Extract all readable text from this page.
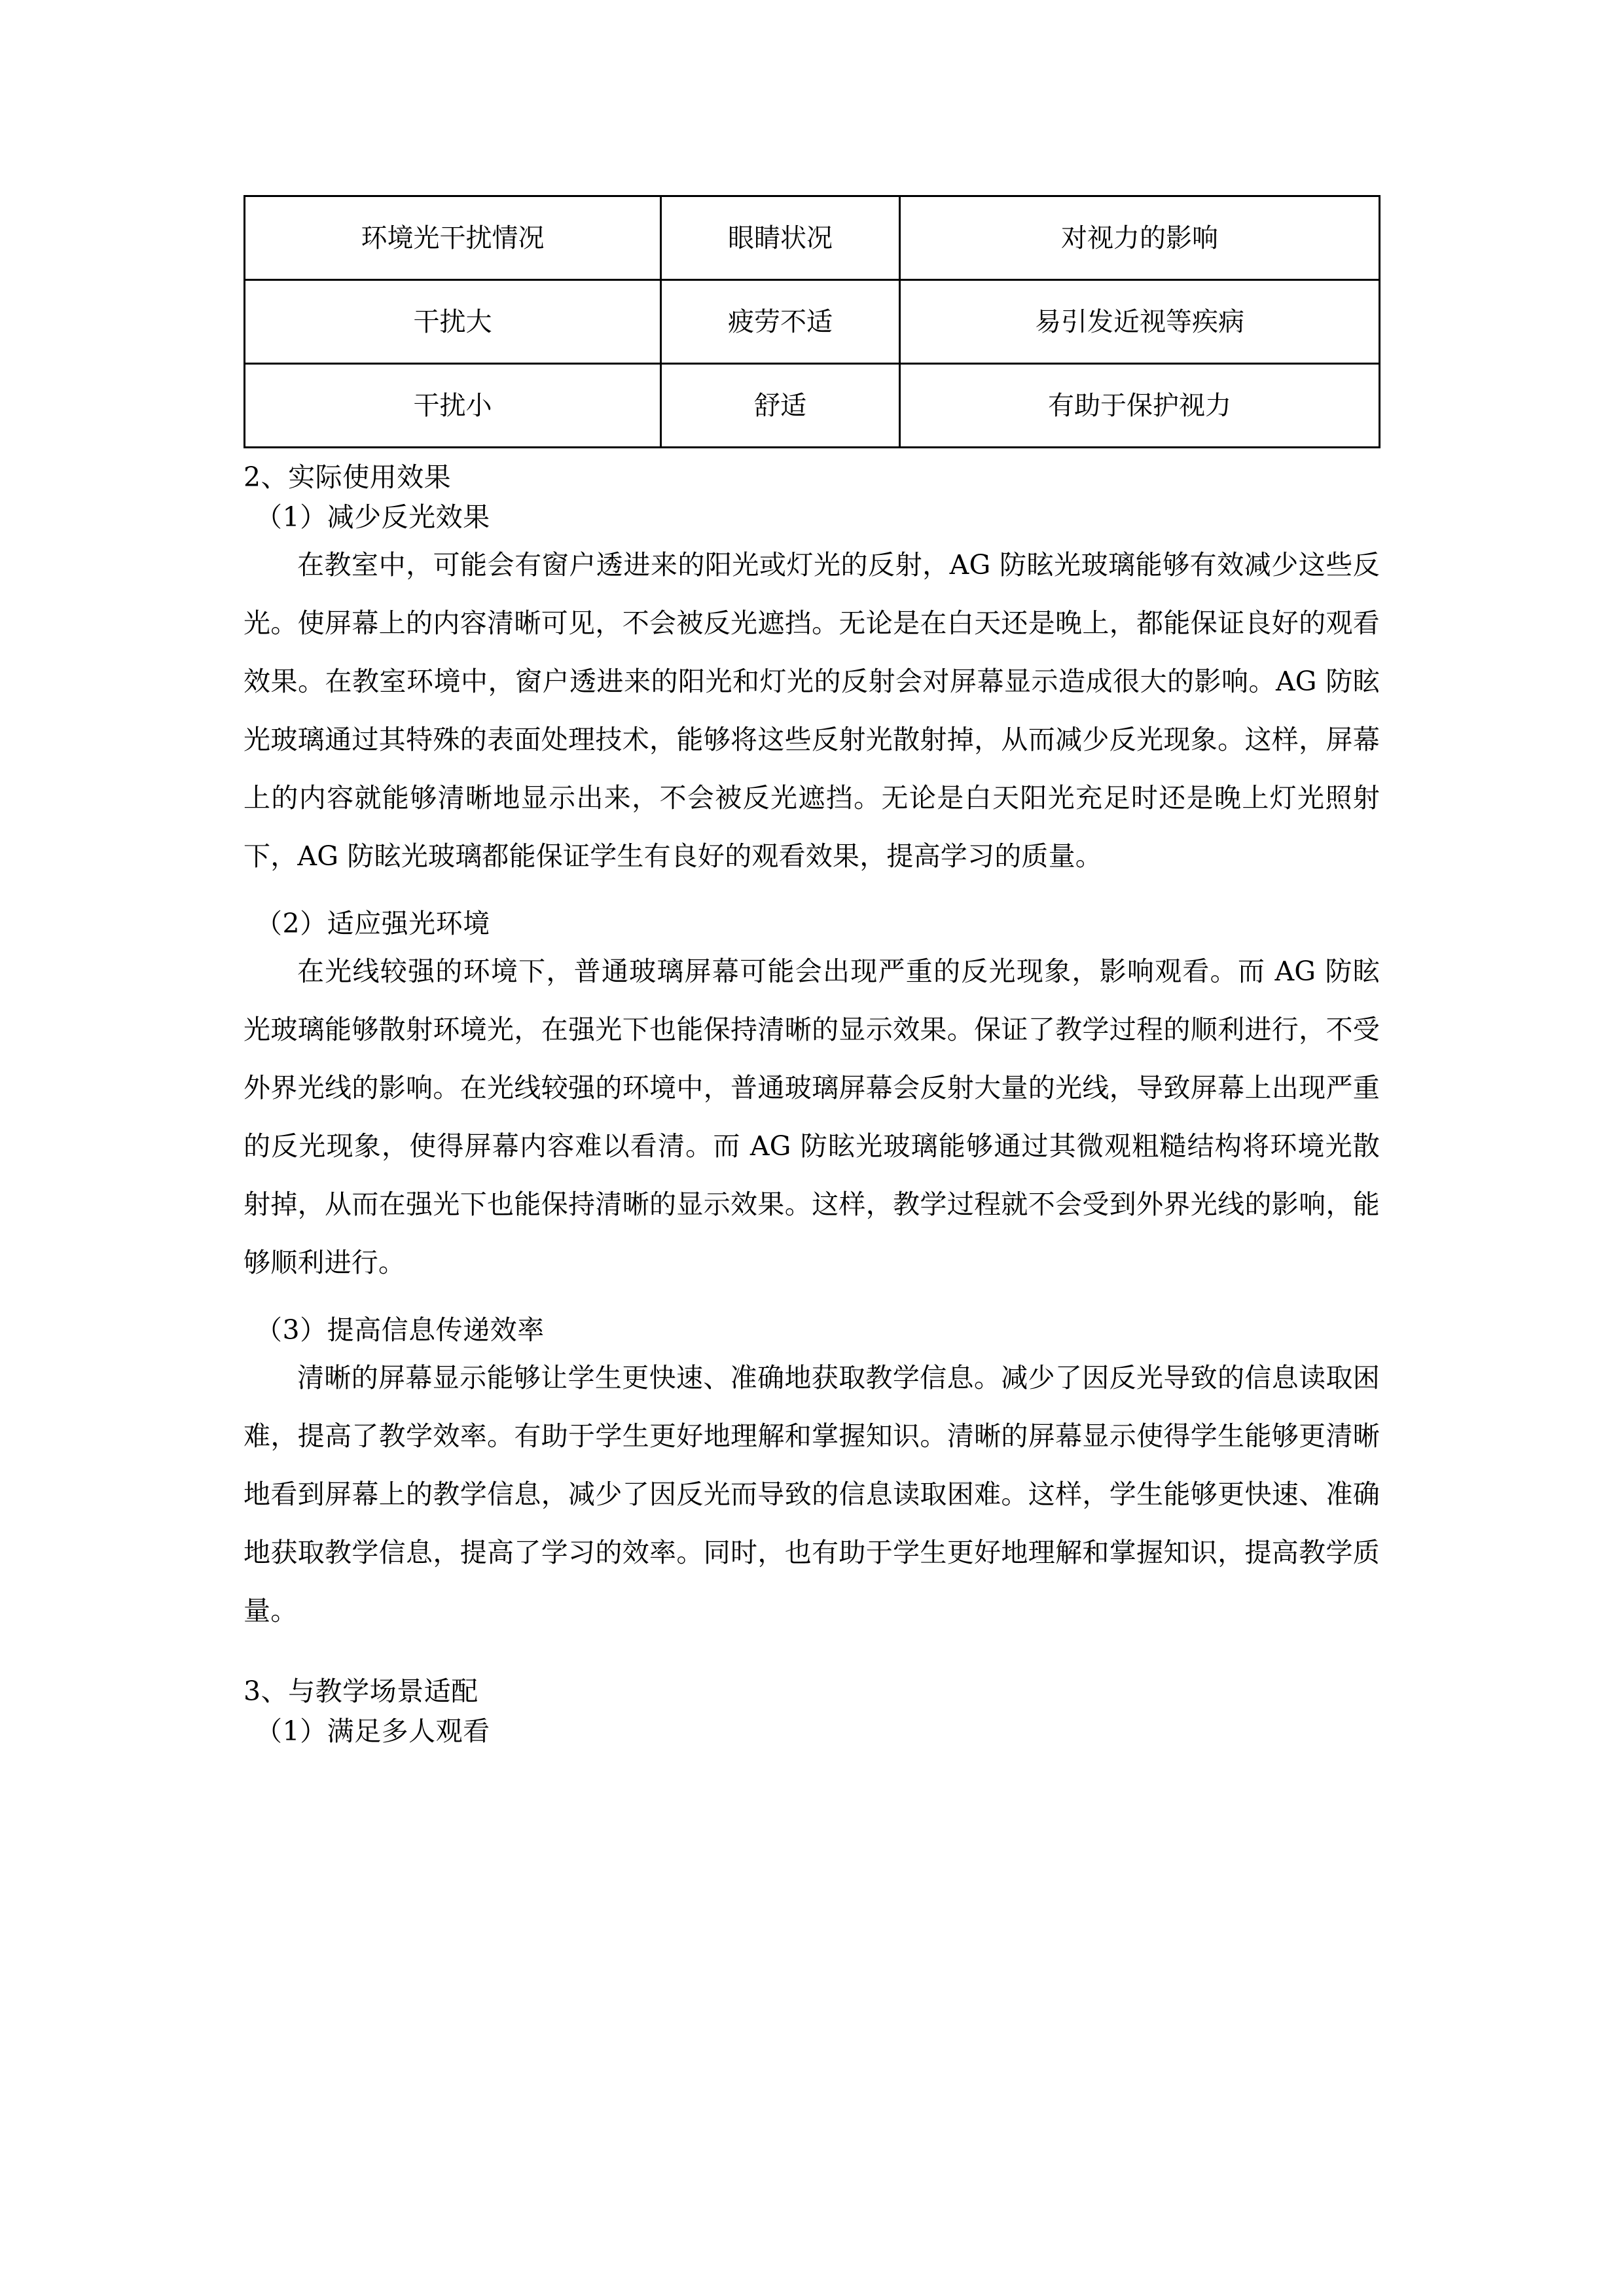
环境光干扰情况	眼睛状况	对视力的影响
干扰大	疲劳不适	易引发近视等疾病
干扰小	舒适	有助于保护视力
2、实际使用效果
（1）减少反光效果

在教室中，可能会有窗户透进来的阳光或灯光的反射，AG 防眩光玻璃能够有效减少这些反光。使屏幕上的内容清晰可见，不会被反光遮挡。无论是在白天还是晚上，都能保证良好的观看效果。在教室环境中，窗户透进来的阳光和灯光的反射会对屏幕显示造成很大的影响。AG 防眩光玻璃通过其特殊的表面处理技术，能够将这些反射光散射掉，从而减少反光现象。这样，屏幕上的内容就能够清晰地显示出来，不会被反光遮挡。无论是白天阳光充足时还是晚上灯光照射下，AG 防眩光玻璃都能保证学生有良好的观看效果，提高学习的质量。

（2）适应强光环境

在光线较强的环境下，普通玻璃屏幕可能会出现严重的反光现象，影响观看。而 AG 防眩光玻璃能够散射环境光，在强光下也能保持清晰的显示效果。保证了教学过程的顺利进行，不受外界光线的影响。在光线较强的环境中，普通玻璃屏幕会反射大量的光线，导致屏幕上出现严重的反光现象，使得屏幕内容难以看清。而 AG 防眩光玻璃能够通过其微观粗糙结构将环境光散射掉，从而在强光下也能保持清晰的显示效果。这样，教学过程就不会受到外界光线的影响，能够顺利进行。

（3）提高信息传递效率

清晰的屏幕显示能够让学生更快速、准确地获取教学信息。减少了因反光导致的信息读取困难，提高了教学效率。有助于学生更好地理解和掌握知识。清晰的屏幕显示使得学生能够更清晰地看到屏幕上的教学信息，减少了因反光而导致的信息读取困难。这样，学生能够更快速、准确地获取教学信息，提高了学习的效率。同时，也有助于学生更好地理解和掌握知识，提高教学质量。

3、与教学场景适配
（1）满足多人观看
